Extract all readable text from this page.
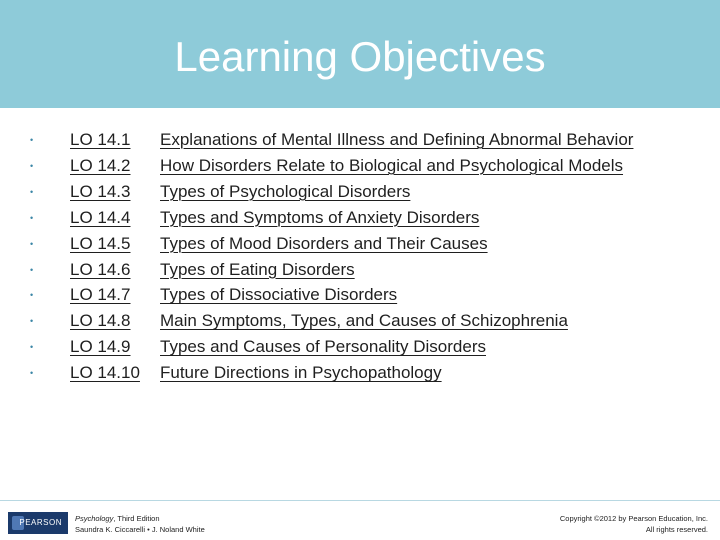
Learning Objectives
• LO 14.1	Explanations of Mental Illness and Defining Abnormal Behavior
• LO 14.2	How Disorders Relate to Biological and Psychological Models
• LO 14.3	Types of Psychological Disorders
• LO 14.4	Types and Symptoms of Anxiety Disorders
• LO 14.5	Types of Mood Disorders and Their Causes
• LO 14.6	Types of Eating Disorders
• LO 14.7	Types of Dissociative Disorders
• LO 14.8	Main Symptoms, Types, and Causes of Schizophrenia
• LO 14.9	Types and Causes of Personality Disorders
• LO 14.10	Future Directions in Psychopathology
PEARSON Psychology, Third Edition
Saundra K. Ciccarelli • J. Noland White
Copyright ©2012 by Pearson Education, Inc.
All rights reserved.
